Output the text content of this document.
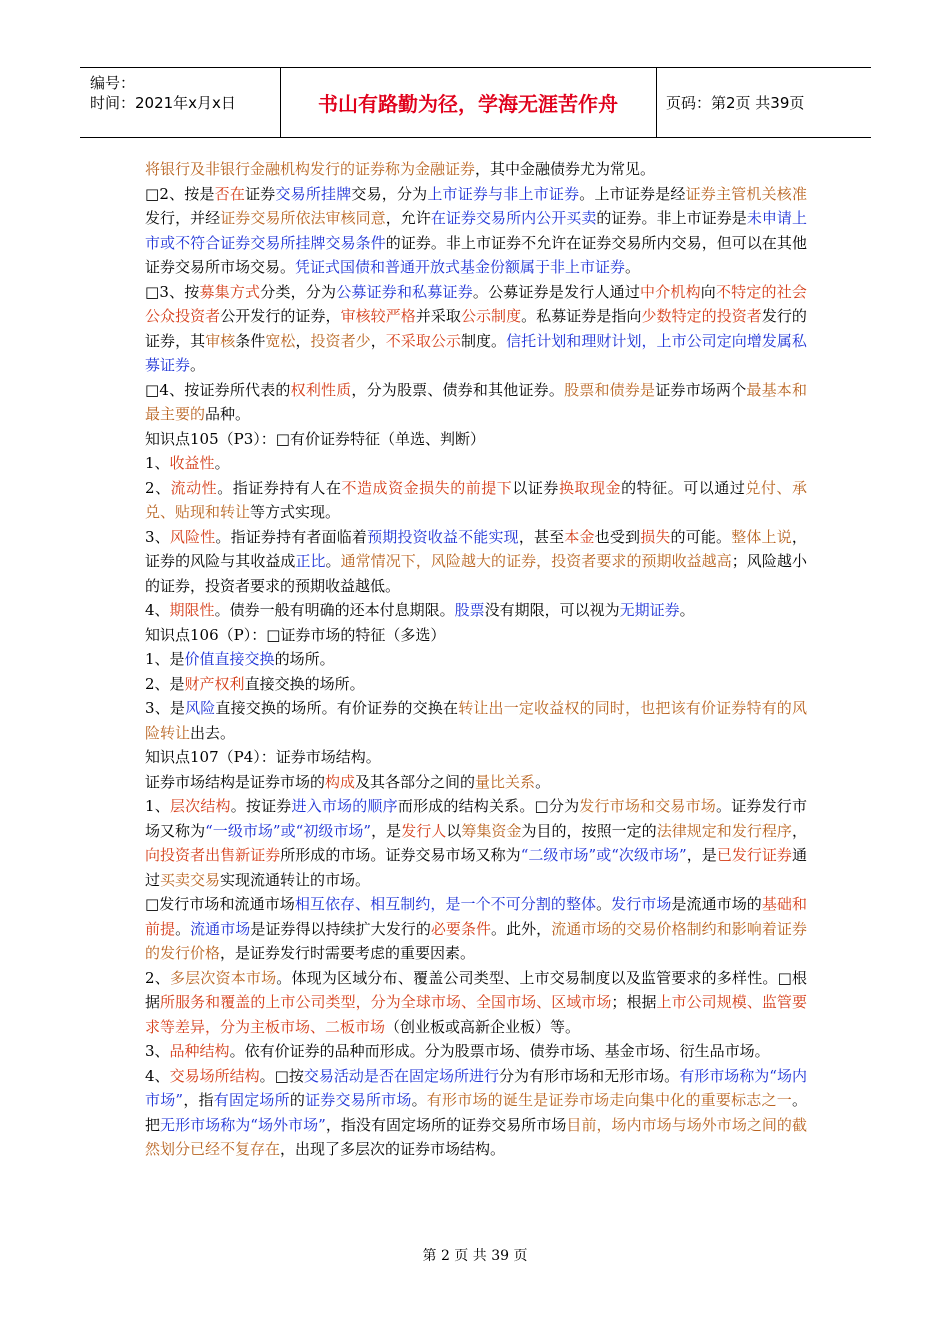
编号：
时间：2021年x月x日	书山有路勤为径，学海无涯苦作舟	页码：第2页 共39页

将银行及非银行金融机构发行的证券称为金融证券，其中金融债券尤为常见。

□2、按是否在证券交易所挂牌交易，分为上市证券与非上市证券。上市证券是经证券主管机关核准发行，并经证券交易所依法审核同意，允许在证券交易所内公开买卖的证券。非上市证券是未申请上市或不符合证券交易所挂牌交易条件的证券。非上市证券不允许在证券交易所内交易，但可以在其他证券交易所市场交易。凭证式国债和普通开放式基金份额属于非上市证券。

□3、按募集方式分类，分为公募证券和私募证券。公募证券是发行人通过中介机构向不特定的社会公众投资者公开发行的证券，审核较严格并采取公示制度。私募证券是指向少数特定的投资者发行的证券，其审核条件宽松，投资者少，不采取公示制度。信托计划和理财计划，上市公司定向增发属私募证券。

□4、按证券所代表的权利性质，分为股票、债券和其他证券。股票和债券是证券市场两个最基本和最主要的品种。

知识点105（P3）：□有价证券特征（单选、判断）

1、收益性。

2、流动性。指证券持有人在不造成资金损失的前提下以证券换取现金的特征。可以通过兑付、承兑、贴现和转让等方式实现。

3、风险性。指证券持有者面临着预期投资收益不能实现，甚至本金也受到损失的可能。整体上说，证券的风险与其收益成正比。通常情况下，风险越大的证券，投资者要求的预期收益越高；风险越小的证券，投资者要求的预期收益越低。

4、期限性。债券一般有明确的还本付息期限。股票没有期限，可以视为无期证券。

知识点106（P）：□证券市场的特征（多选）

1、是价值直接交换的场所。

2、是财产权利直接交换的场所。

3、是风险直接交换的场所。有价证券的交换在转让出一定收益权的同时，也把该有价证券特有的风险转让出去。

知识点107（P4）：证券市场结构。

证券市场结构是证券市场的构成及其各部分之间的量比关系。

1、层次结构。按证券进入市场的顺序而形成的结构关系。□分为发行市场和交易市场。证券发行市场又称为“一级市场”或“初级市场”，是发行人以筹集资金为目的，按照一定的法律规定和发行程序，向投资者出售新证券所形成的市场。证券交易市场又称为“二级市场”或“次级市场”，是已发行证券通过买卖交易实现流通转让的市场。

□发行市场和流通市场相互依存、相互制约，是一个不可分割的整体。发行市场是流通市场的基础和前提。流通市场是证券得以持续扩大发行的必要条件。此外，流通市场的交易价格制约和影响着证券的发行价格，是证券发行时需要考虑的重要因素。

2、多层次资本市场。体现为区域分布、覆盖公司类型、上市交易制度以及监管要求的多样性。□根据所服务和覆盖的上市公司类型，分为全球市场、全国市场、区域市场；根据上市公司规模、监管要求等差异，分为主板市场、二板市场（创业板或高新企业板）等。

3、品种结构。依有价证券的品种而形成。分为股票市场、债券市场、基金市场、衍生品市场。

4、交易场所结构。□按交易活动是否在固定场所进行分为有形市场和无形市场。有形市场称为“场内市场”，指有固定场所的证券交易所市场。有形市场的诞生是证券市场走向集中化的重要标志之一。把无形市场称为“场外市场”，指没有固定场所的证券交易所市场目前，场内市场与场外市场之间的截然划分已经不复存在，出现了多层次的证券市场结构。

第 2 页 共 39 页
